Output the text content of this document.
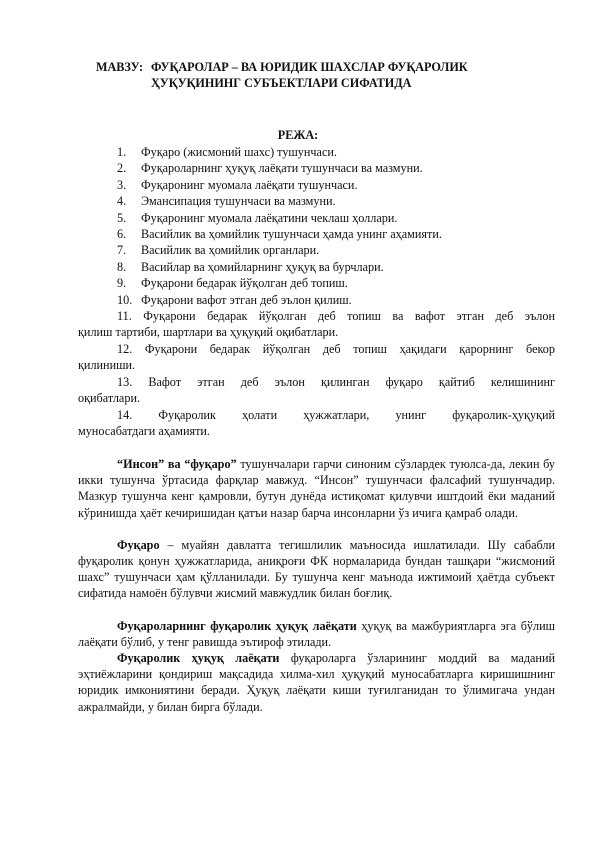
МАВЗУ: ФУҚАРОЛАР – ВА ЮРИДИК ШАХСЛАР ФУҚАРОЛИК
ҲУҚУҚИНИНГ СУБЪЕКТЛАРИ СИФАТИДА
РЕЖА:
1. Фуқаро (жисмоний шахс) тушунчаси.
2. Фуқароларнинг ҳуқуқ лаёқати тушунчаси ва мазмуни.
3. Фуқаронинг муомала лаёқати тушунчаси.
4. Эмансипация тушунчаси ва мазмуни.
5. Фуқаронинг муомала лаёқатини чеклаш ҳоллари.
6. Васийлик ва ҳомийлик тушунчаси ҳамда унинг аҳамияти.
7. Васийлик ва ҳомийлик органлари.
8. Васийлар ва ҳомийларнинг ҳуқуқ ва бурчлари.
9. Фуқарони бедарак йўқолган деб топиш.
10. Фуқарони вафот этган деб эълон қилиш.
11. Фуқарони бедарак йўқолган деб топиш ва вафот этган деб эълон
қилиш тартиби, шартлари ва ҳуқуқий оқибатлари.
12. Фуқарони бедарак йўқолган деб топиш ҳақидаги қарорнинг бекор
қилиниши.
13. Вафот этган деб эълон қилинган фуқаро қайтиб келишининг
оқибатлари.
14. Фуқаролик ҳолати ҳужжатлари, унинг фуқаролик-ҳуқуқий
муносабатдаги аҳамияти.

“Инсон” ва “фуқаро” тушунчалари гарчи синоним сўзлардек туюлса-да, лекин бу икки тушунча ўртасида фарқлар мавжуд. “Инсон” тушунчаси фалсафий тушунчадир. Мазкур тушунча кенг қамровли, бутун дунёда истиқомат қилувчи иштдоий ёки маданий кўринишда ҳаёт кечиришидан қатъи назар барча инсонларни ўз ичига қамраб олади.

Фуқаро – муайян давлатга тегишлилик маъносида ишлатилади. Шу сабабли фуқаролик қонун ҳужжатларида, аниқроғи ФК нормаларида бундан ташқари “жисмоний шахс” тушунчаси ҳам қўлланилади. Бу тушунча кенг маънода ижтимоий ҳаётда субъект сифатида намоён бўлувчи жисмий мавжудлик билан боғлиқ.

Фуқароларнинг фуқаролик ҳуқуқ лаёқати ҳуқуқ ва мажбуриятларга эга бўлиш лаёқати бўлиб, у тенг равишда эътироф этилади.

Фуқаролик ҳуқуқ лаёқати фуқароларга ўзларининг моддий ва маданий эҳтиёжларини қондириш мақсадида хилма-хил ҳуқуқий муносабатларга киришишнинг юридик имкониятини беради. Ҳуқуқ лаёқати киши туғилганидан то ўлимигача ундан ажралмайди, у билан бирга бўлади.
